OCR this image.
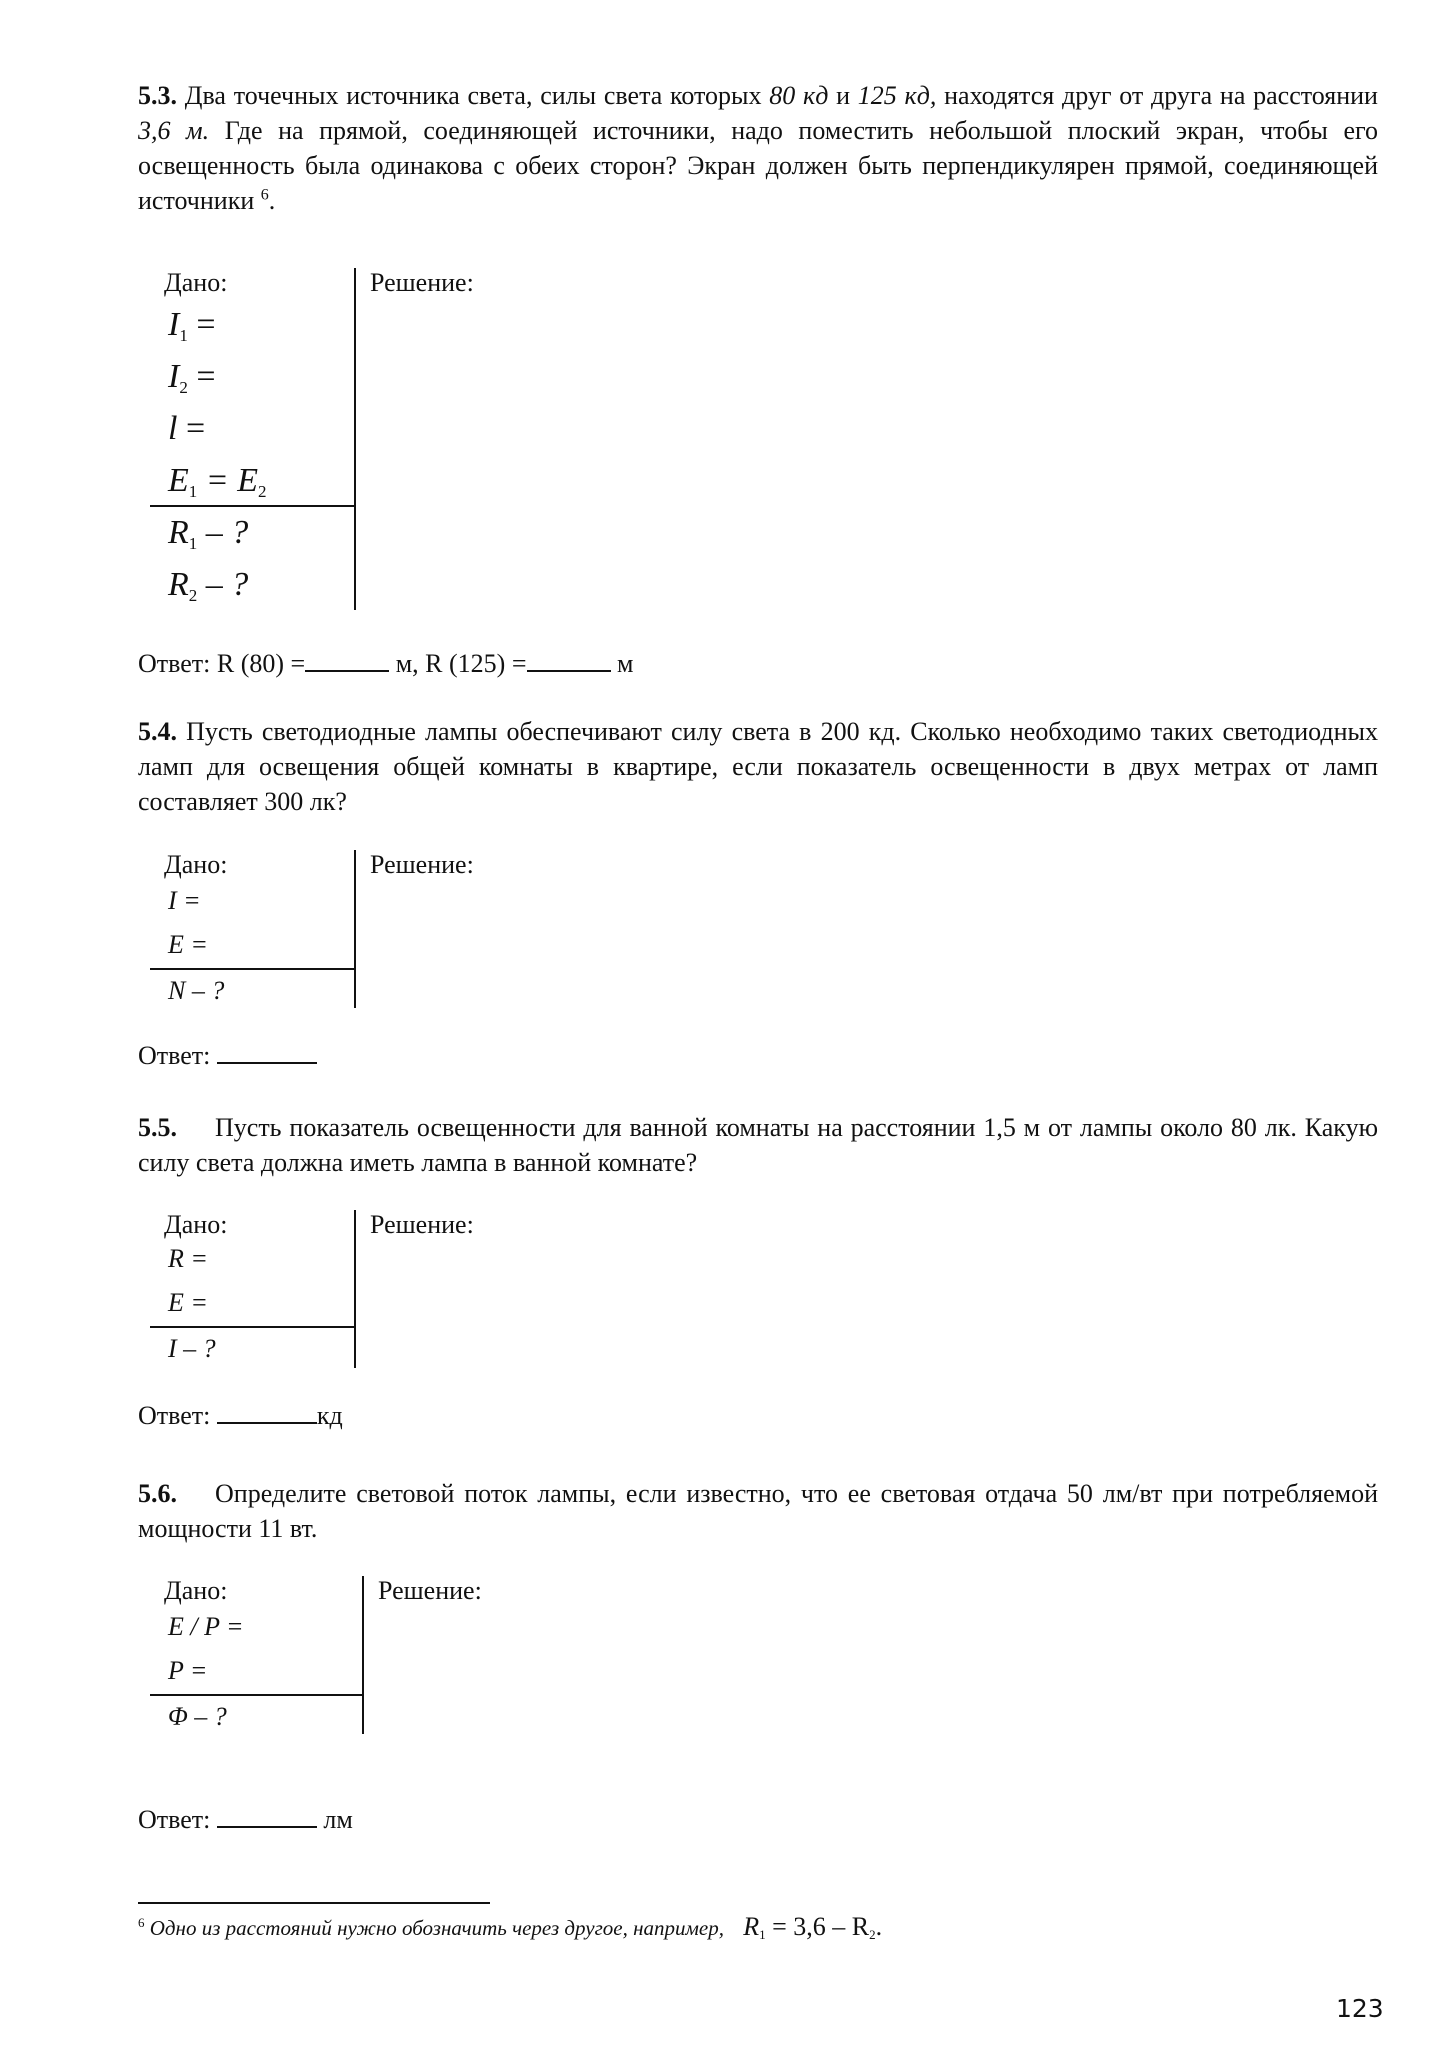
5.3. Два точечных источника света, силы света которых 80 кд и 125 кд, находятся друг от друга на расстоянии 3,6 м. Где на прямой, соединяющей источники, надо поместить небольшой плоский экран, чтобы его освещенность была одинакова с обеих сторон? Экран должен быть перпендикулярен прямой, соединяющей источники $^6$.

Дано:	Решение:
$I_1$ =
$I_2$ =
l =
$E_1 = E_2$
$R_1$ – ?
$R_2$ – ?
Ответ: R (80) =	м, R (125) =	м

5.4. Пусть светодиодные лампы обеспечивают силу света в 200 кд. Сколько необходимо таких светодиодных ламп для освещения общей комнаты в квартире, если показатель освещенности в двух метрах от ламп составляет 300 лк?

Дано:	Решение:
I =
E =
N – ?
Ответ:

5.5. Пусть показатель освещенности для ванной комнаты на расстоянии 1,5 м от лампы около 80 лк. Какую силу света должна иметь лампа в ванной комнате?

Дано:	Решение:
R =
E =
I – ?
Ответ:	кд

5.6. Определите световой поток лампы, если известно, что ее световая отдача 50 лм/вт при потребляемой мощности 11 вт.

Дано:	Решение:
E / P =
P =
Φ – ?
Ответ:	лм
$^6$ Одно из расстояний нужно обозначить через другое, например, $R_1 = 3,6 - R_2$.
123
